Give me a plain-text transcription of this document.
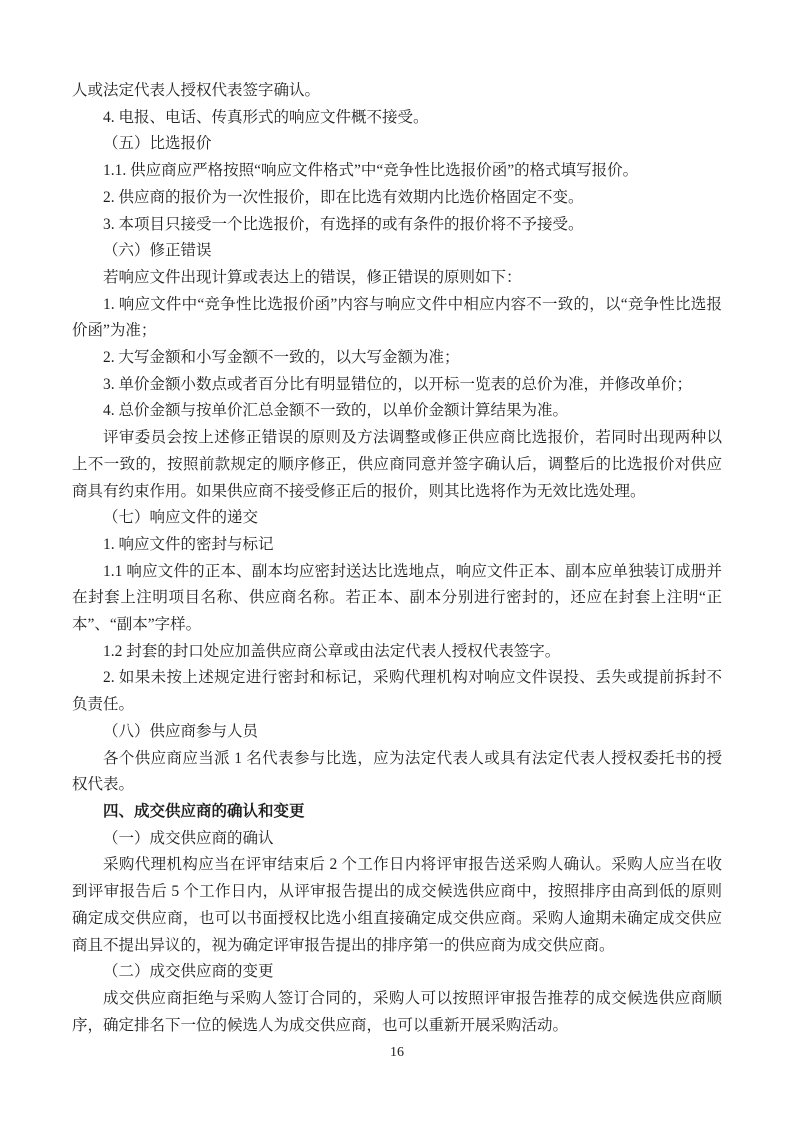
人或法定代表人授权代表签字确认。

4. 电报、电话、传真形式的响应文件概不接受。

（五）比选报价

1.1. 供应商应严格按照“响应文件格式”中“竞争性比选报价函”的格式填写报价。

2. 供应商的报价为一次性报价，即在比选有效期内比选价格固定不变。

3. 本项目只接受一个比选报价，有选择的或有条件的报价将不予接受。

（六）修正错误

若响应文件出现计算或表达上的错误，修正错误的原则如下：

1. 响应文件中“竞争性比选报价函”内容与响应文件中相应内容不一致的，以“竞争性比选报价函”为准；

2. 大写金额和小写金额不一致的，以大写金额为准；

3. 单价金额小数点或者百分比有明显错位的，以开标一览表的总价为准，并修改单价；

4. 总价金额与按单价汇总金额不一致的，以单价金额计算结果为准。

评审委员会按上述修正错误的原则及方法调整或修正供应商比选报价，若同时出现两种以上不一致的，按照前款规定的顺序修正，供应商同意并签字确认后，调整后的比选报价对供应商具有约束作用。如果供应商不接受修正后的报价，则其比选将作为无效比选处理。

（七）响应文件的递交

1. 响应文件的密封与标记

1.1 响应文件的正本、副本均应密封送达比选地点，响应文件正本、副本应单独装订成册并在封套上注明项目名称、供应商名称。若正本、副本分别进行密封的，还应在封套上注明“正本”、“副本”字样。

1.2 封套的封口处应加盖供应商公章或由法定代表人授权代表签字。

2. 如果未按上述规定进行密封和标记，采购代理机构对响应文件误投、丢失或提前拆封不负责任。

（八）供应商参与人员

各个供应商应当派 1 名代表参与比选，应为法定代表人或具有法定代表人授权委托书的授权代表。

四、成交供应商的确认和变更

（一）成交供应商的确认

采购代理机构应当在评审结束后 2 个工作日内将评审报告送采购人确认。采购人应当在收到评审报告后 5 个工作日内，从评审报告提出的成交候选供应商中，按照排序由高到低的原则确定成交供应商，也可以书面授权比选小组直接确定成交供应商。采购人逾期未确定成交供应商且不提出异议的，视为确定评审报告提出的排序第一的供应商为成交供应商。

（二）成交供应商的变更

成交供应商拒绝与采购人签订合同的，采购人可以按照评审报告推荐的成交候选供应商顺序，确定排名下一位的候选人为成交供应商，也可以重新开展采购活动。

16
